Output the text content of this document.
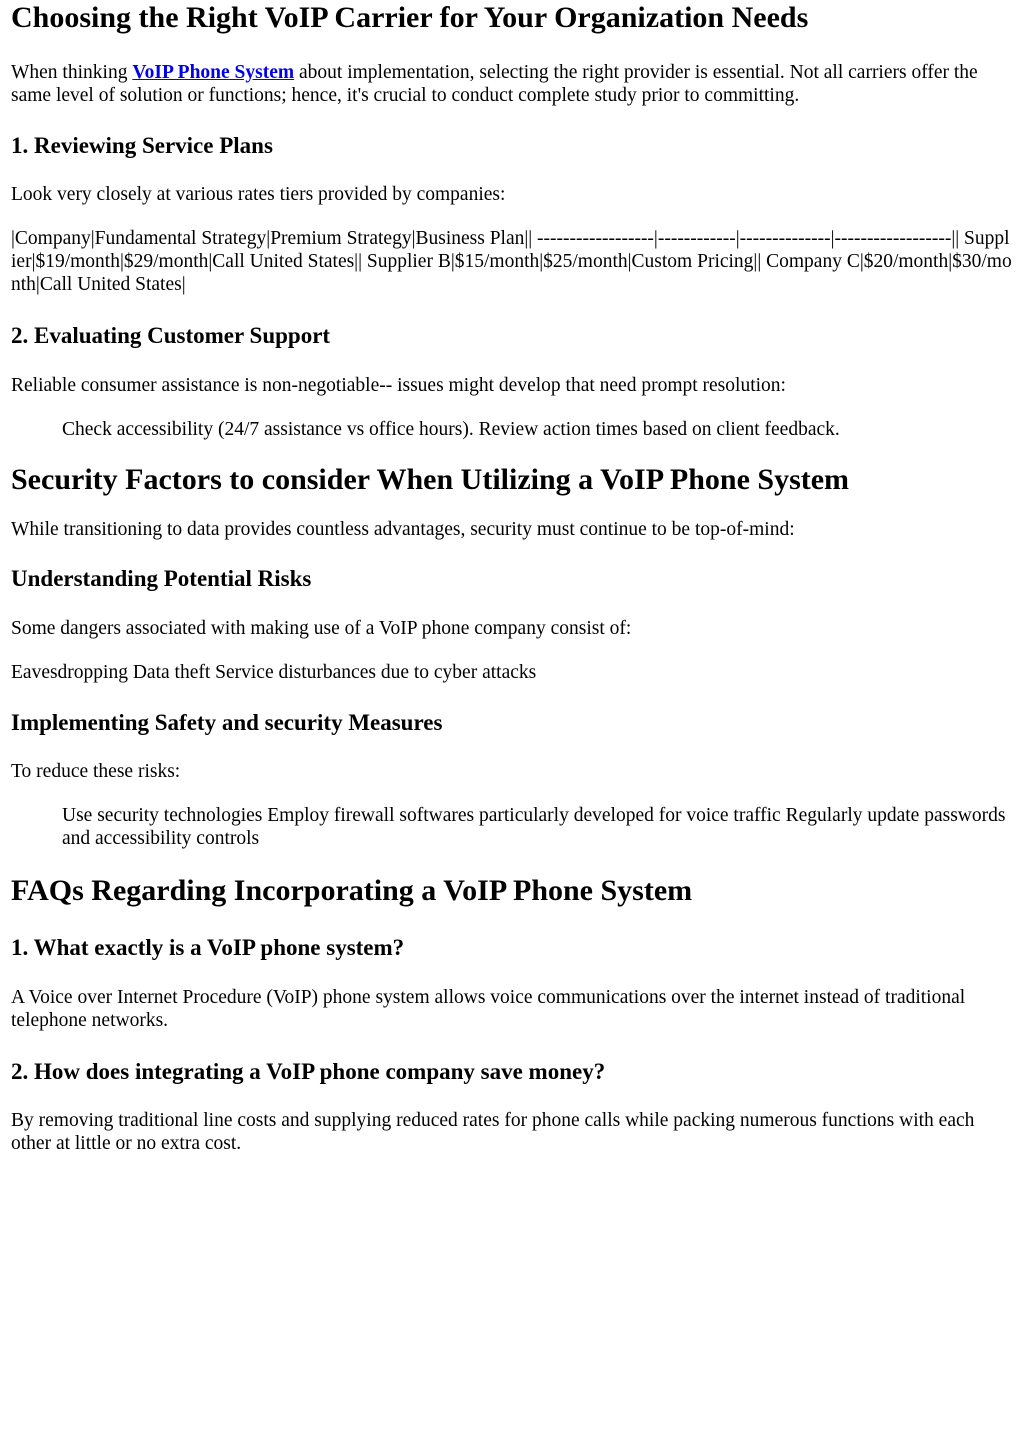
Choosing the Right VoIP Carrier for Your Organization Needs

When thinking VoIP Phone System about implementation, selecting the right provider is essential. Not all carriers offer the same level of solution or functions; hence, it's crucial to conduct complete study prior to committing.

1. Reviewing Service Plans

Look very closely at various rates tiers provided by companies:

|Company|Fundamental Strategy|Premium Strategy|Business Plan|| ------------------|------------|--------------|------------------|| Supplier|$19/month|$29/month|Call United States|| Supplier B|$15/month|$25/month|Custom Pricing|| Company C|$20/month|$30/month|Call United States|

2. Evaluating Customer Support

Reliable consumer assistance is non-negotiable-- issues might develop that need prompt resolution:

Check accessibility (24/7 assistance vs office hours). Review action times based on client feedback.
Security Factors to consider When Utilizing a VoIP Phone System

While transitioning to data provides countless advantages, security must continue to be top-of-mind:

Understanding Potential Risks

Some dangers associated with making use of a VoIP phone company consist of:

Eavesdropping Data theft Service disturbances due to cyber attacks

Implementing Safety and security Measures

To reduce these risks:

Use security technologies Employ firewall softwares particularly developed for voice traffic Regularly update passwords and accessibility controls
FAQs Regarding Incorporating a VoIP Phone System
1. What exactly is a VoIP phone system?

A Voice over Internet Procedure (VoIP) phone system allows voice communications over the internet instead of traditional telephone networks.

2. How does integrating a VoIP phone company save money?

By removing traditional line costs and supplying reduced rates for phone calls while packing numerous functions with each other at little or no extra cost.
